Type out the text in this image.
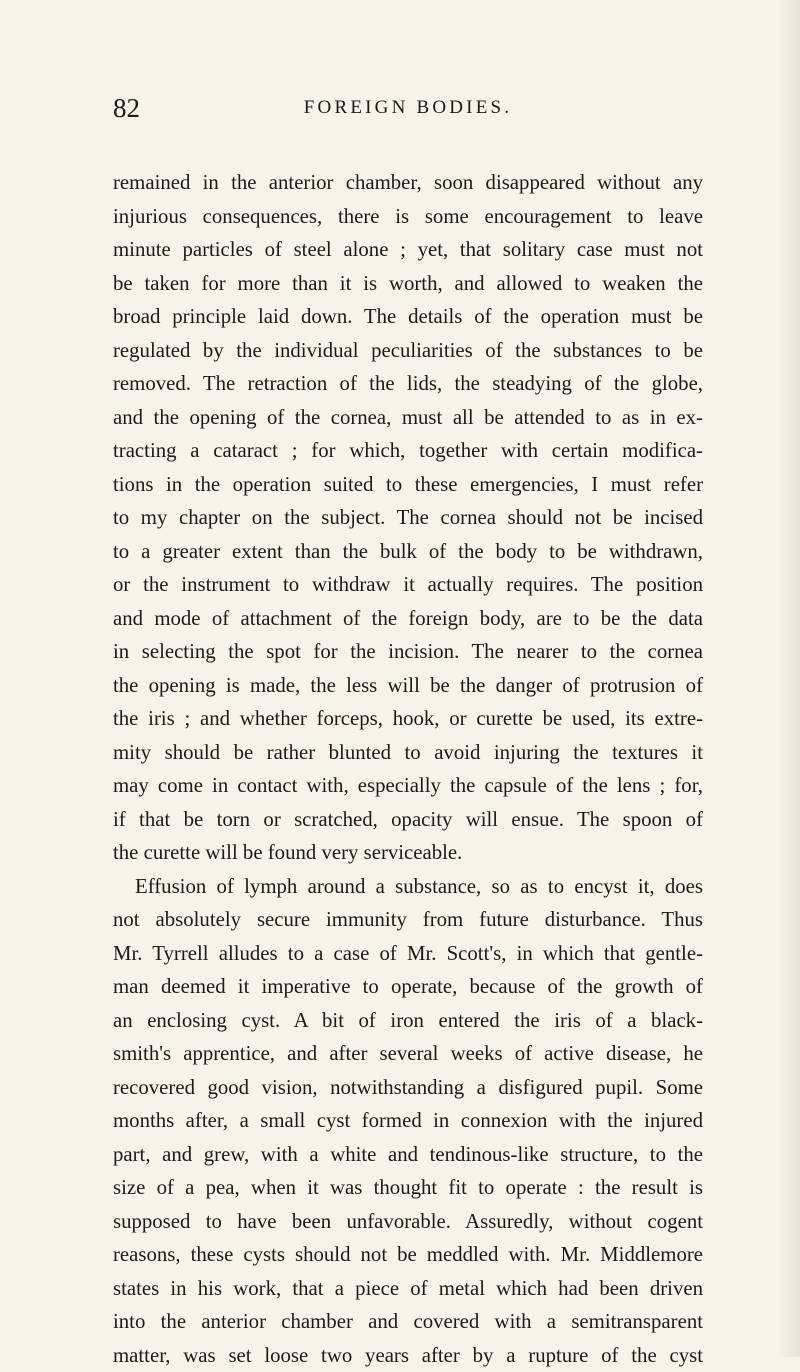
82	FOREIGN BODIES.
remained in the anterior chamber, soon disappeared without any
injurious consequences, there is some encouragement to leave
minute particles of steel alone ; yet, that solitary case must not
be taken for more than it is worth, and allowed to weaken the
broad principle laid down. The details of the operation must be
regulated by the individual peculiarities of the substances to be
removed. The retraction of the lids, the steadying of the globe,
and the opening of the cornea, must all be attended to as in ex-
tracting a cataract ; for which, together with certain modifica-
tions in the operation suited to these emergencies, I must refer
to my chapter on the subject. The cornea should not be incised
to a greater extent than the bulk of the body to be withdrawn,
or the instrument to withdraw it actually requires. The position
and mode of attachment of the foreign body, are to be the data
in selecting the spot for the incision. The nearer to the cornea
the opening is made, the less will be the danger of protrusion of
the iris ; and whether forceps, hook, or curette be used, its extre-
mity should be rather blunted to avoid injuring the textures it
may come in contact with, especially the capsule of the lens ; for,
if that be torn or scratched, opacity will ensue. The spoon of
the curette will be found very serviceable.
Effusion of lymph around a substance, so as to encyst it, does
not absolutely secure immunity from future disturbance. Thus
Mr. Tyrrell alludes to a case of Mr. Scott's, in which that gentle-
man deemed it imperative to operate, because of the growth of
an enclosing cyst. A bit of iron entered the iris of a black-
smith's apprentice, and after several weeks of active disease, he
recovered good vision, notwithstanding a disfigured pupil. Some
months after, a small cyst formed in connexion with the injured
part, and grew, with a white and tendinous-like structure, to the
size of a pea, when it was thought fit to operate : the result is
supposed to have been unfavorable. Assuredly, without cogent
reasons, these cysts should not be meddled with. Mr. Middlemore
states in his work, that a piece of metal which had been driven
into the anterior chamber and covered with a semitransparent
matter, was set loose two years after by a rupture of the cyst
